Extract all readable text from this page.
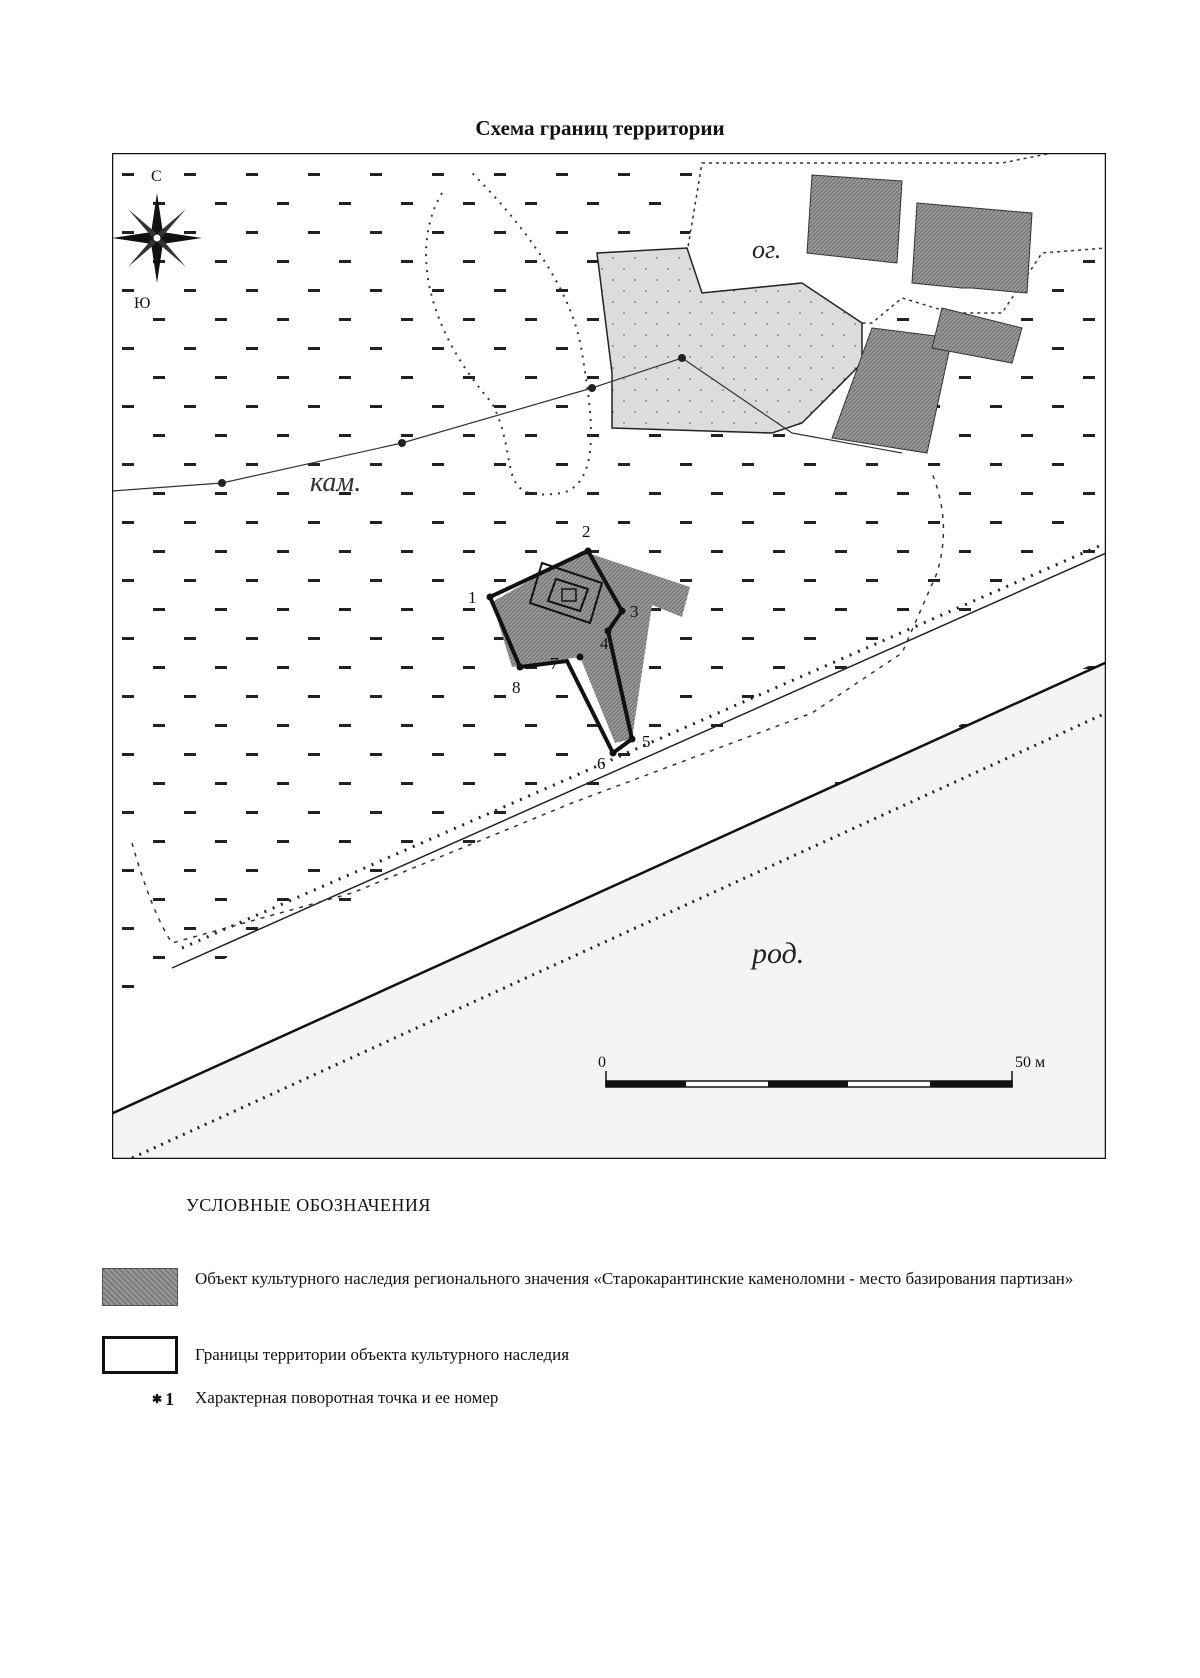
Схема границ территории
ог.
кам.
род.
С
Ю
1
2
3
4
5
6
7
8
0	50 м
УСЛОВНЫЕ ОБОЗНАЧЕНИЯ
Объект культурного наследия регионального значения «Старокарантинские каменоломни - место базирования партизан»
Границы территории объекта культурного наследия
✱ 1 Характерная поворотная точка и ее номер
